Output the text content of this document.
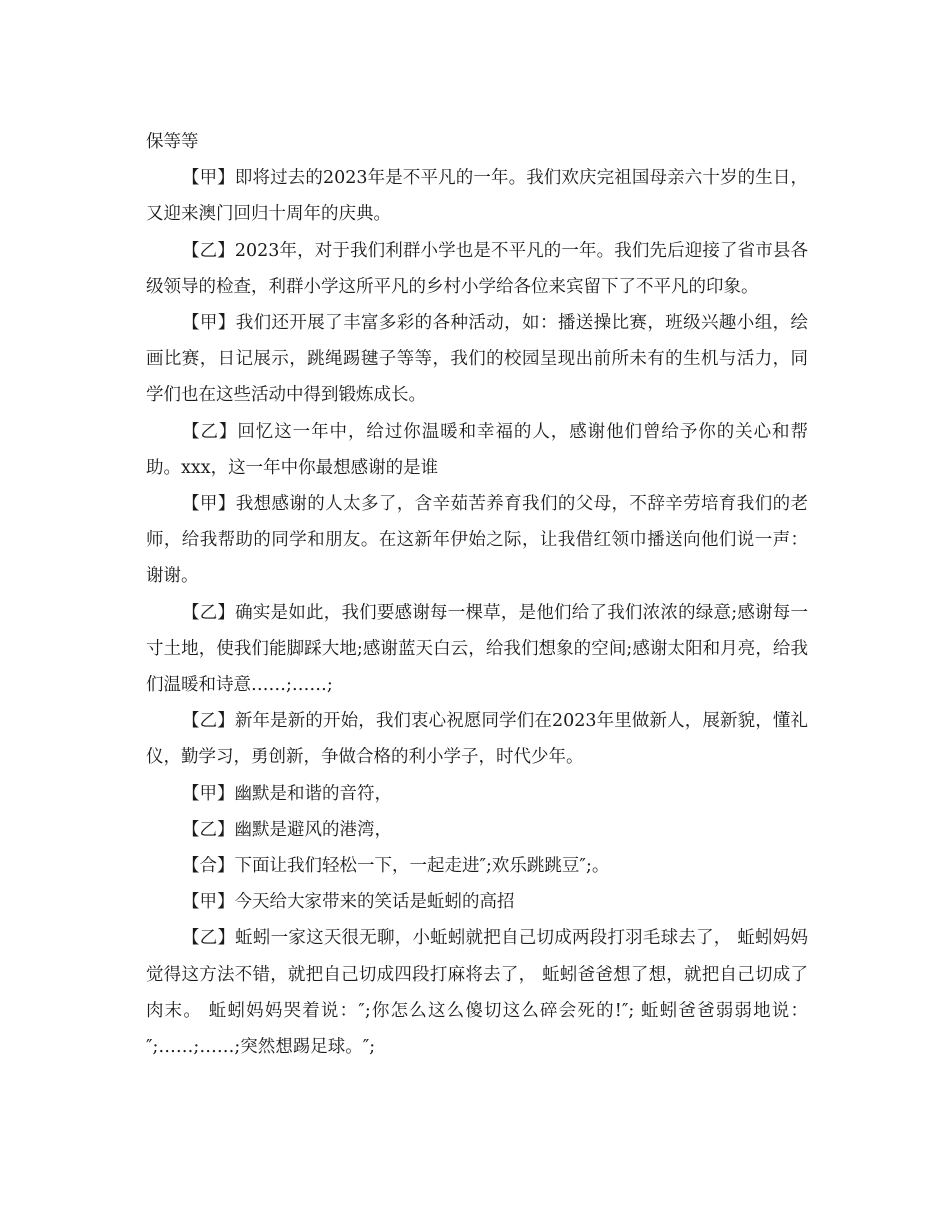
保等等

【甲】即将过去的2023年是不平凡的一年。我们欢庆完祖国母亲六十岁的生日，又迎来澳门回归十周年的庆典。

【乙】2023年，对于我们利群小学也是不平凡的一年。我们先后迎接了省市县各级领导的检查，利群小学这所平凡的乡村小学给各位来宾留下了不平凡的印象。

【甲】我们还开展了丰富多彩的各种活动，如：播送操比赛，班级兴趣小组，绘画比赛，日记展示，跳绳踢毽子等等，我们的校园呈现出前所未有的生机与活力，同学们也在这些活动中得到锻炼成长。

【乙】回忆这一年中，给过你温暖和幸福的人，感谢他们曾给予你的关心和帮助。xxx，这一年中你最想感谢的是谁

【甲】我想感谢的人太多了，含辛茹苦养育我们的父母，不辞辛劳培育我们的老师，给我帮助的同学和朋友。在这新年伊始之际，让我借红领巾播送向他们说一声：谢谢。

【乙】确实是如此，我们要感谢每一棵草，是他们给了我们浓浓的绿意;感谢每一寸土地，使我们能脚踩大地;感谢蓝天白云，给我们想象的空间;感谢太阳和月亮，给我们温暖和诗意……;……;

【乙】新年是新的开始，我们衷心祝愿同学们在2023年里做新人，展新貌，懂礼仪，勤学习，勇创新，争做合格的利小学子，时代少年。

【甲】幽默是和谐的音符，

【乙】幽默是避风的港湾，

【合】下面让我们轻松一下，一起走进″;欢乐跳跳豆″;。

【甲】今天给大家带来的笑话是蚯蚓的高招

【乙】蚯蚓一家这天很无聊，小蚯蚓就把自己切成两段打羽毛球去了， 蚯蚓妈妈觉得这方法不错，就把自己切成四段打麻将去了， 蚯蚓爸爸想了想，就把自己切成了肉末。 蚯蚓妈妈哭着说：″;你怎么这么傻切这么碎会死的!″; 蚯蚓爸爸弱弱地说：″;……;……;突然想踢足球。″;
